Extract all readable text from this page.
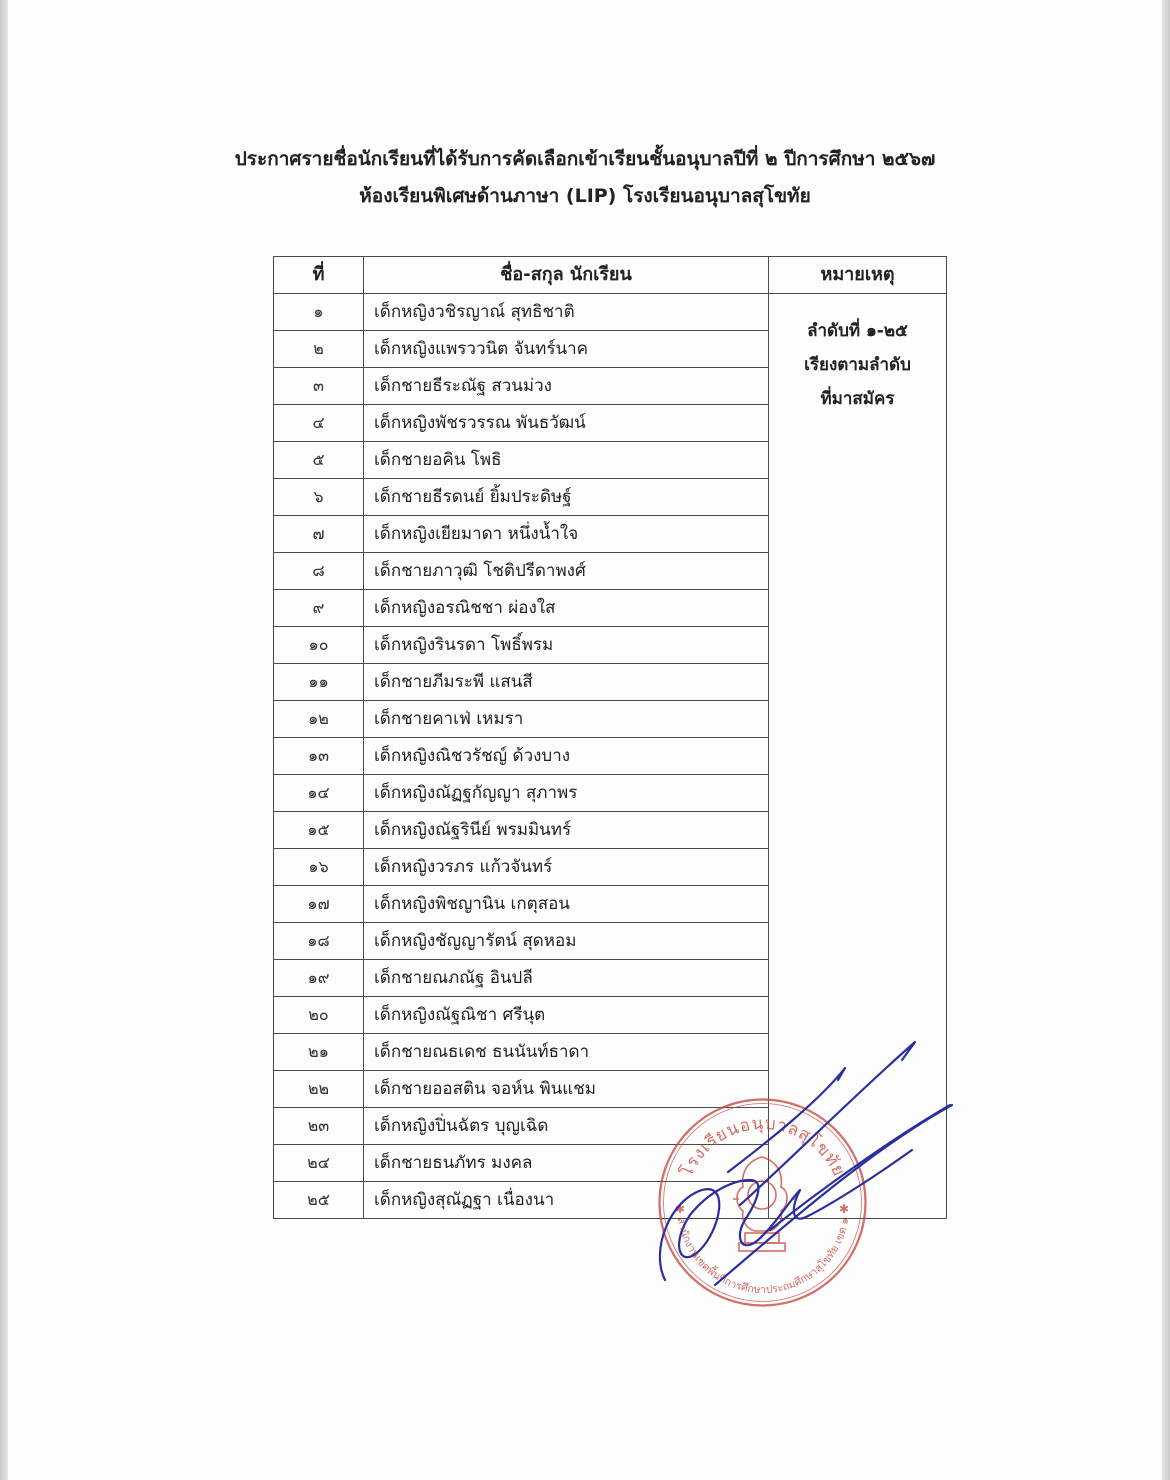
ประกาศรายชื่อนักเรียนที่ได้รับการคัดเลือกเข้าเรียนชั้นอนุบาลปีที่ ๒ ปีการศึกษา ๒๕๖๗
ห้องเรียนพิเศษด้านภาษา (LIP) โรงเรียนอนุบาลสุโขทัย
ที่	ชื่อ-สกุล นักเรียน	หมายเหตุ
๑	เด็กหญิงวชิรญาณ์ สุทธิชาติ	ลำดับที่ ๑-๒๕
เรียงตามลำดับ
ที่มาสมัคร

๒	เด็กหญิงแพรววนิต จันทร์นาค	
๓	เด็กชายธีระณัฐ สวนม่วง	
๔	เด็กหญิงพัชรวรรณ พันธวัฒน์	
๕	เด็กชายอคิน โพธิ	
๖	เด็กชายธีรดนย์ ยิ้มประดิษฐ์	
๗	เด็กหญิงเยียมาดา หนึ่งน้ำใจ	
๘	เด็กชายภาวุฒิ โชติปรีดาพงศ์	
๙	เด็กหญิงอรณิชชา ผ่องใส	
๑๐	เด็กหญิงรินรดา โพธิ์พรม	
๑๑	เด็กชายภีมระพี แสนสี	
๑๒	เด็กชายคาเฟ่ เหมรา	
๑๓	เด็กหญิงณิชวรัชญ์ ด้วงบาง	
๑๔	เด็กหญิงณัฏฐกัญญา สุภาพร	
๑๕	เด็กหญิงณัฐรินีย์ พรมมินทร์	
๑๖	เด็กหญิงวรภร แก้วจันทร์	
๑๗	เด็กหญิงพิชญานิน เกตุสอน	
๑๘	เด็กหญิงชัญญารัตน์ สุดหอม	
๑๙	เด็กชายณภณัฐ อินปลี	
๒๐	เด็กหญิงณัฐณิชา ศรีนุต	
๒๑	เด็กชายณธเดช ธนนันท์ธาดา	
๒๒	เด็กชายออสติน จอห์น พินแชม	
๒๓	เด็กหญิงปิ่นฉัตร บุญเฉิด	
๒๔	เด็กชายธนภัทร มงคล	
๒๕	เด็กหญิงสุณัฏฐา เนื่องนา	
โรงเรียนอนุบาลสุโขทัย
สำนักงานเขตพื้นที่การศึกษาประถมศึกษาสุโขทัย เขต ๑
✱	✱
